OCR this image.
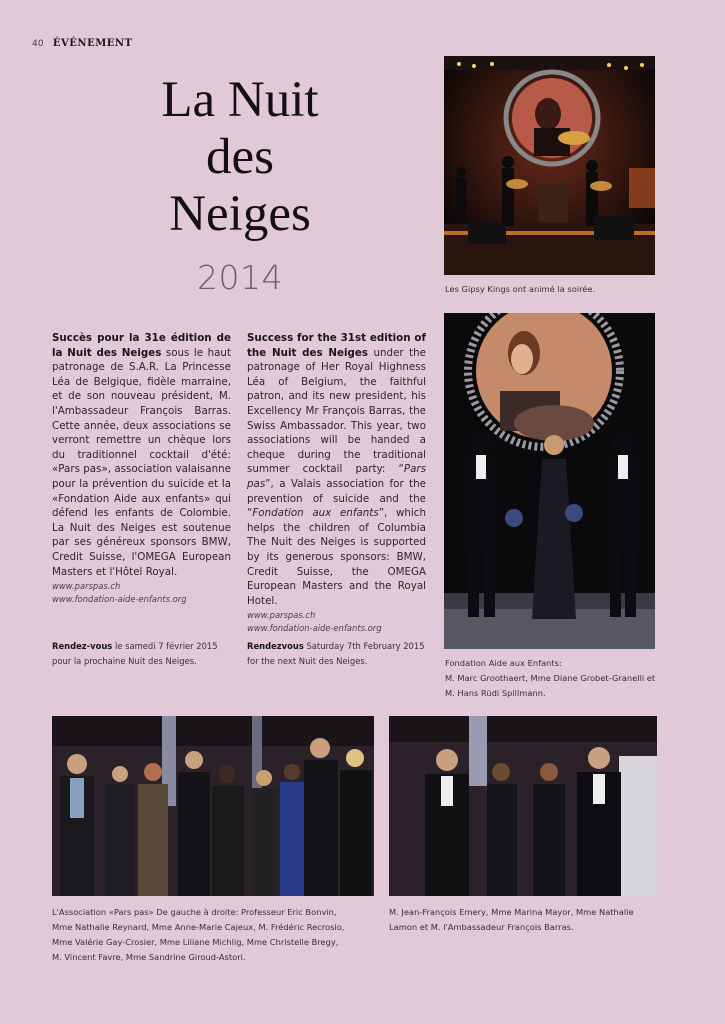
40 ÉVÉNEMENT
La Nuit
des
Neiges
2014	Les Gipsy Kings ont animé la soirée.
Succès pour la 31e édition de la Nuit des Neiges sous le haut patronage de S.A.R. La Princesse Léa de Belgique, fidèle marraine, et de son nouveau président, M. l'Ambassadeur François Barras. Cette année, deux associations se verront remettre un chèque lors du traditionnel cocktail d'été: «Pars pas», association valaisanne pour la prévention du suicide et la «Fondation Aide aux enfants» qui défend les enfants de Colombie. La Nuit des Neiges est soutenue par ses généreux sponsors BMW, Credit Suisse, l'OMEGA European Masters et l'Hôtel Royal.
www.parspas.ch
www.fondation-aide-enfants.org
Rendez-vous le samedi 7 février 2015
pour la prochaine Nuit des Neiges.
Success for the 31st edition of the Nuit des Neiges under the patronage of Her Royal Highness Léa of Belgium, the faithful patron, and its new president, his Excellency Mr François Barras, the Swiss Ambassador. This year, two associations will be handed a cheque during the traditional summer cocktail party: “Pars pas”, a Valais association for the prevention of suicide and the “Fondation aux enfants”, which helps the children of Columbia The Nuit des Neiges is supported by its generous sponsors: BMW, Credit Suisse, the OMEGA European Masters and the Royal Hotel.
www.parspas.ch
www.fondation-aide-enfants.org
Rendezvous Saturday 7th February 2015
for the next Nuit des Neiges.	Fondation Aide aux Enfants:
M. Marc Groothaert, Mme Diane Grobet-Granelli et
M. Hans Rüdi Spillmann.
L'Association «Pars pas» De gauche à droite: Professeur Eric Bonvin,
Mme Nathalie Reynard, Mme Anne-Marie Cajeux, M. Frédéric Recrosio,
Mme Valérie Gay-Crosier, Mme Liliane Michlig, Mme Christelle Bregy,
M. Vincent Favre, Mme Sandrine Giroud-Astori.
M. Jean-François Emery, Mme Marina Mayor, Mme Nathalie
Lamon et M. l'Ambassadeur François Barras.
